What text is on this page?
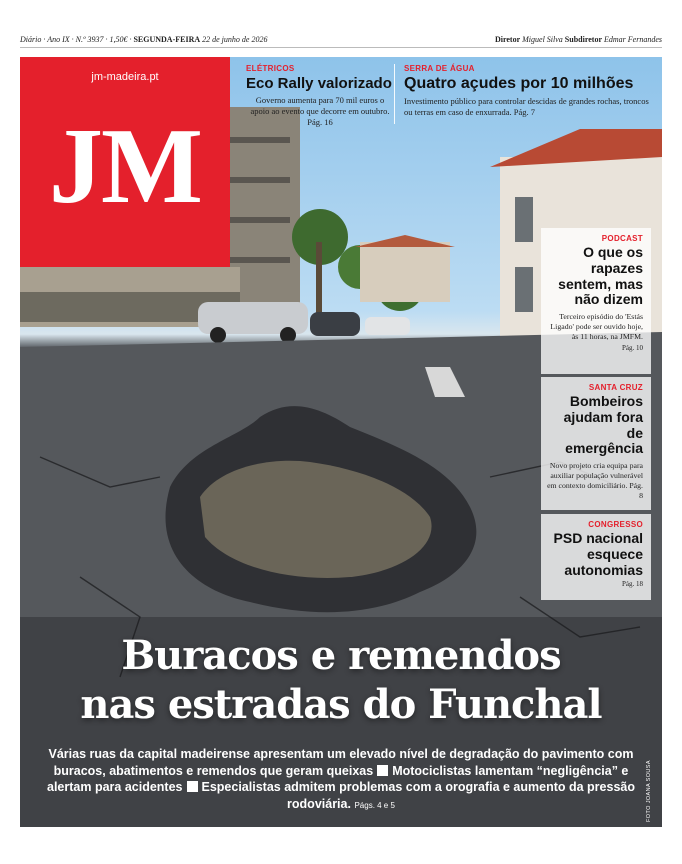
Diário · Ano IX · N.º 3937 · 1,50€ · SEGUNDA-FEIRA 22 de junho de 2026	Diretor Miguel Silva Subdiretor Edmar Fernandes
jm-madeira.pt
JM
ELÉTRICOS
Eco Rally valorizado
Governo aumenta para 70 mil euros o apoio ao evento que decorre em outubro. Pág. 16
SERRA DE ÁGUA
Quatro açudes por 10 milhões
Investimento público para controlar descidas de grandes rochas, troncos ou terras em caso de enxurrada. Pág. 7
PODCAST
O que os rapazes sentem, mas não dizem
Terceiro episódio do 'Estás Ligado' pode ser ouvido hoje, às 11 horas, na JMFM.
Pág. 10
SANTA CRUZ
Bombeiros ajudam fora de emergência
Novo projeto cria equipa para auxiliar população vulnerável em contexto domiciliário. Pág. 8
CONGRESSO
PSD nacional esquece autonomias
Pág. 18
Buracos e remendos
nas estradas do Funchal
Várias ruas da capital madeirense apresentam um elevado nível de degradação do pavimento com buracos, abatimentos e remendos que geram queixas Motociclistas lamentam “negligência” e alertam para acidentes Especialistas admitem problemas com a orografia e aumento da pressão rodoviária. Págs. 4 e 5	FOTO JOANA SOUSA
